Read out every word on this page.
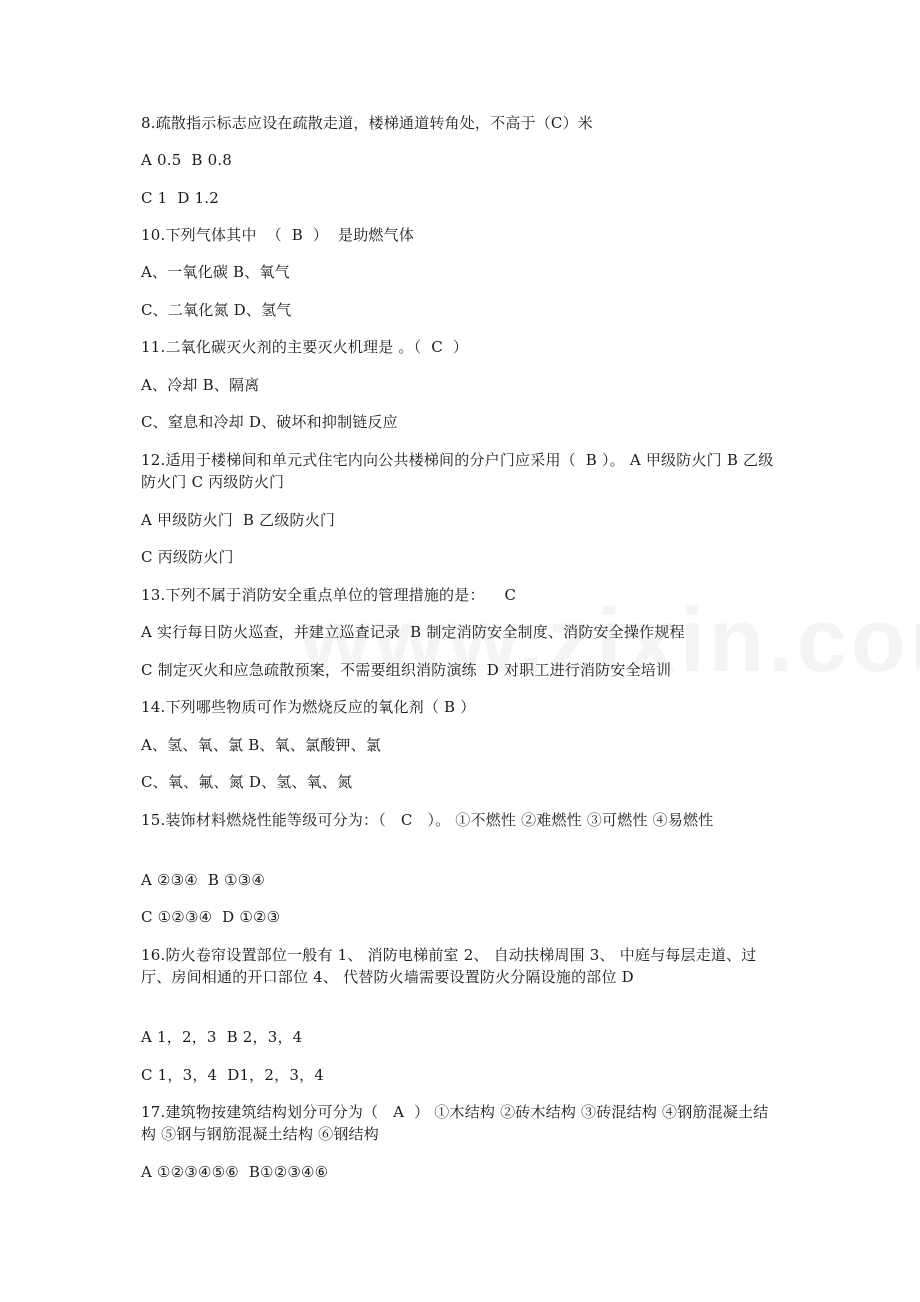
8.疏散指示标志应设在疏散走道，楼梯通道转角处，不高于（C）米
A 0.5  B 0.8
C 1  D 1.2
10.下列气体其中  （  B  ）  是助燃气体
A、一氧化碳 B、氧气
C、二氧化氮 D、氢气
11.二氧化碳灭火剂的主要灭火机理是 。（  C  ）
A、冷却 B、隔离
C、窒息和冷却 D、破坏和抑制链反应
12.适用于楼梯间和单元式住宅内向公共楼梯间的分户门应采用（  B ）。 A 甲级防火门 B 乙级防火门 C 丙级防火门
A 甲级防火门  B 乙级防火门
C 丙级防火门
13.下列不属于消防安全重点单位的管理措施的是：    C
A 实行每日防火巡查，并建立巡查记录  B 制定消防安全制度、消防安全操作规程
C 制定灭火和应急疏散预案，不需要组织消防演练  D 对职工进行消防安全培训
14.下列哪些物质可作为燃烧反应的氧化剂（ B ）
A、氢、氧、氯 B、氧、氯酸钾、氯
C、氧、氟、氮 D、氢、氧、氮
15.装饰材料燃烧性能等级可分为：（   C   ）。 ①不燃性 ②难燃性 ③可燃性 ④易燃性
A ②③④  B ①③④
C ①②③④  D ①②③
16.防火卷帘设置部位一般有 1、 消防电梯前室 2、 自动扶梯周围 3、 中庭与每层走道、过厅、房间相通的开口部位 4、 代替防火墙需要设置防火分隔设施的部位 D
A 1，2，3  B 2，3，4
C 1，3，4  D1，2，3，4
17.建筑物按建筑结构划分可分为（   A  ） ①木结构 ②砖木结构 ③砖混结构 ④钢筋混凝土结构 ⑤钢与钢筋混凝土结构 ⑥钢结构
A ①②③④⑤⑥  B①②③④⑥
